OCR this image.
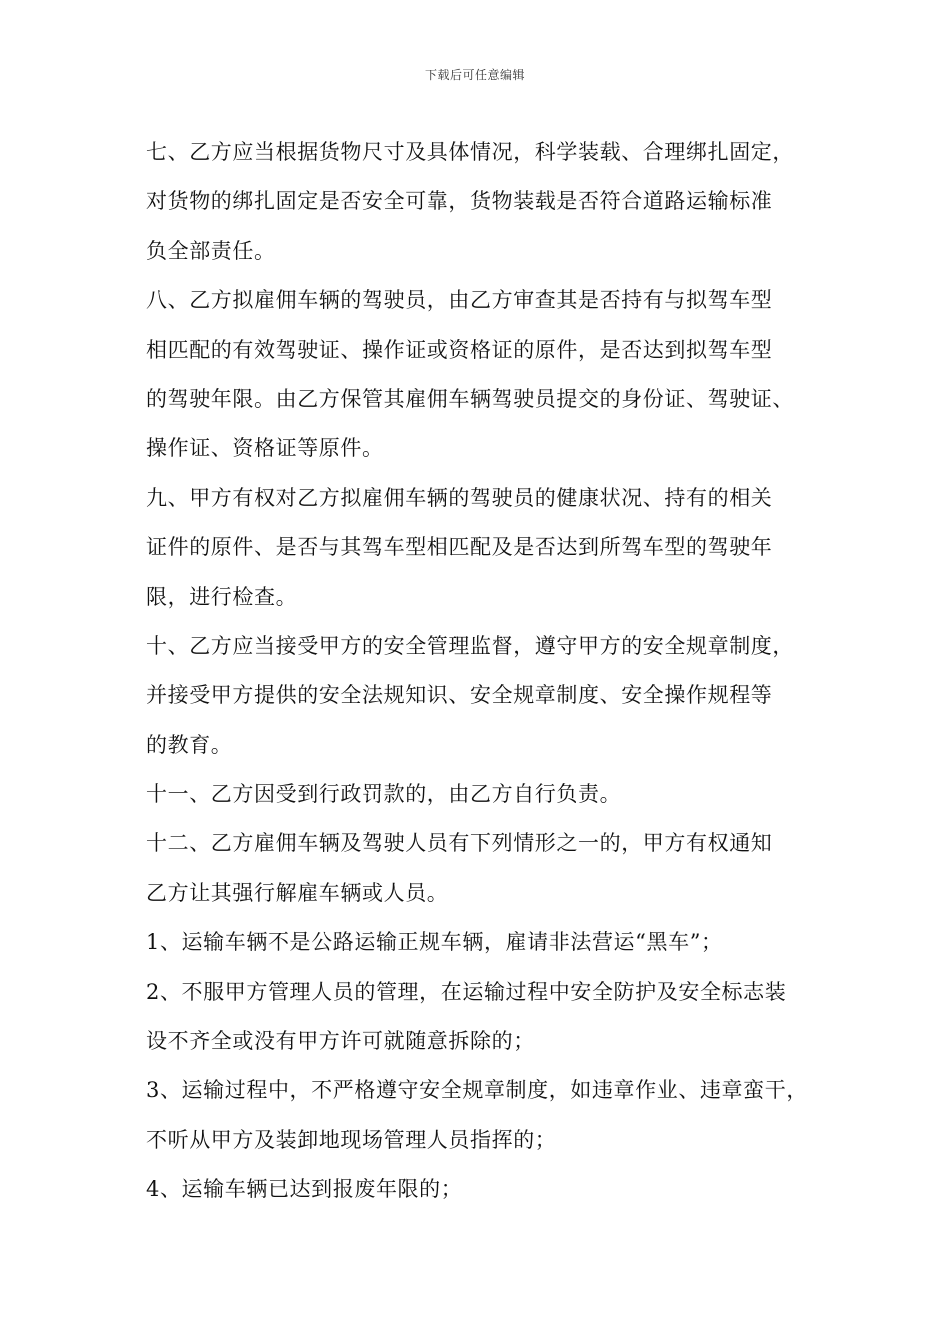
下载后可任意编辑
七、乙方应当根据货物尺寸及具体情况，科学装载、合理绑扎固定，
对货物的绑扎固定是否安全可靠，货物装载是否符合道路运输标准
负全部责任。
八、乙方拟雇佣车辆的驾驶员，由乙方审查其是否持有与拟驾车型
相匹配的有效驾驶证、操作证或资格证的原件，是否达到拟驾车型
的驾驶年限。由乙方保管其雇佣车辆驾驶员提交的身份证、驾驶证、
操作证、资格证等原件。
九、甲方有权对乙方拟雇佣车辆的驾驶员的健康状况、持有的相关
证件的原件、是否与其驾车型相匹配及是否达到所驾车型的驾驶年
限，进行检查。
十、乙方应当接受甲方的安全管理监督，遵守甲方的安全规章制度，
并接受甲方提供的安全法规知识、安全规章制度、安全操作规程等
的教育。
十一、乙方因受到行政罚款的，由乙方自行负责。
十二、乙方雇佣车辆及驾驶人员有下列情形之一的，甲方有权通知
乙方让其强行解雇车辆或人员。
1、运输车辆不是公路运输正规车辆，雇请非法营运“黑车”；
2、不服甲方管理人员的管理，在运输过程中安全防护及安全标志装
设不齐全或没有甲方许可就随意拆除的；
3、运输过程中，不严格遵守安全规章制度，如违章作业、违章蛮干，
不听从甲方及装卸地现场管理人员指挥的；
4、运输车辆已达到报废年限的；
